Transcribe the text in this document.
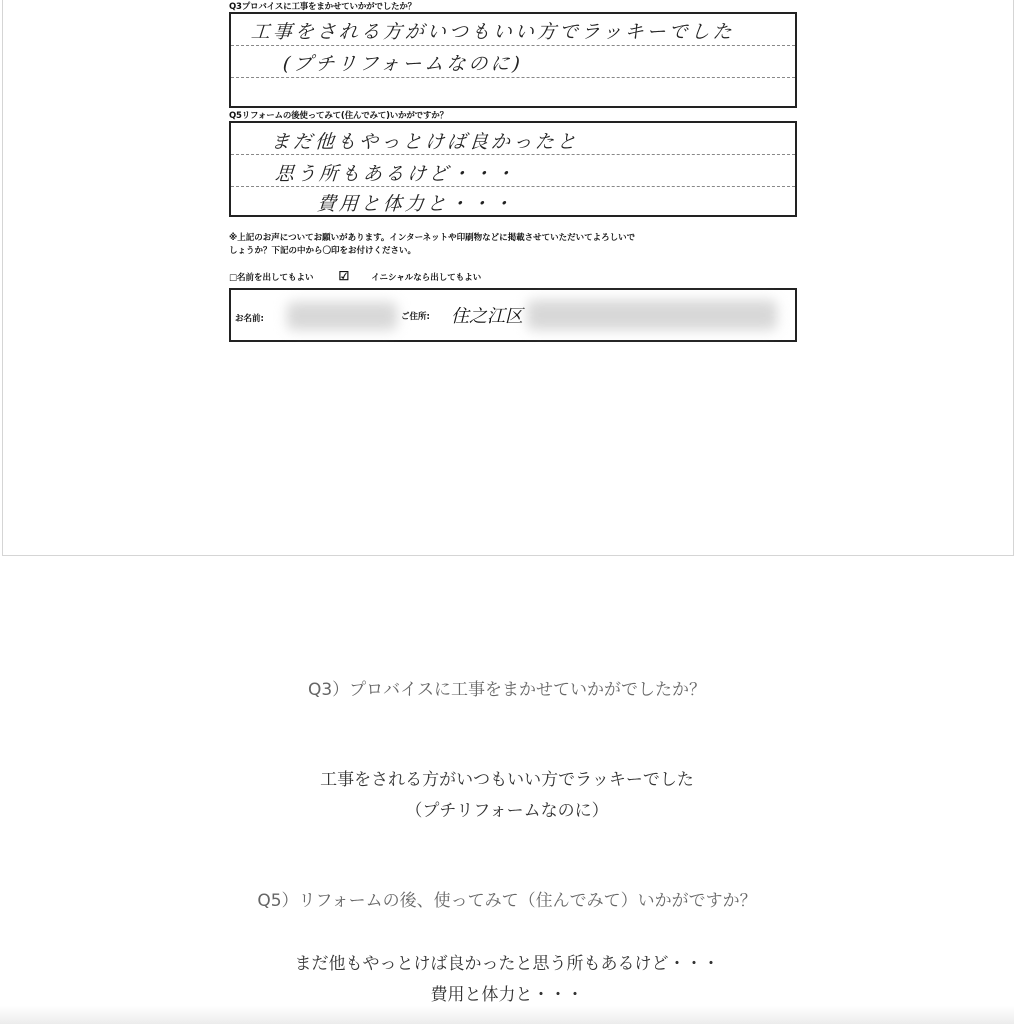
Q3プロバイスに工事をまかせていかがでしたか？
工事をされる方がいつもいい方でラッキーでした
(プチリフォームなのに)
Q5リフォームの後使ってみて(住んでみて)いかがですか？
まだ他もやっとけば良かったと
思う所もあるけど・・・
費用と体力と・・・
※上記のお声についてお願いがあります。インターネットや印刷物などに掲載させていただいてよろしいで
しょうか？下記の中から〇印をお付けください。
□名前を出してもよい ☑	イニシャルなら出してもよい
お名前:	ご住所: 住之江区
Q3）プロバイスに工事をまかせていかがでしたか？
工事をされる方がいつもいい方でラッキーでした
（プチリフォームなのに）
Q5）リフォームの後、使ってみて（住んでみて）いかがですか？
まだ他もやっとけば良かったと思う所もあるけど・・・
費用と体力と・・・
